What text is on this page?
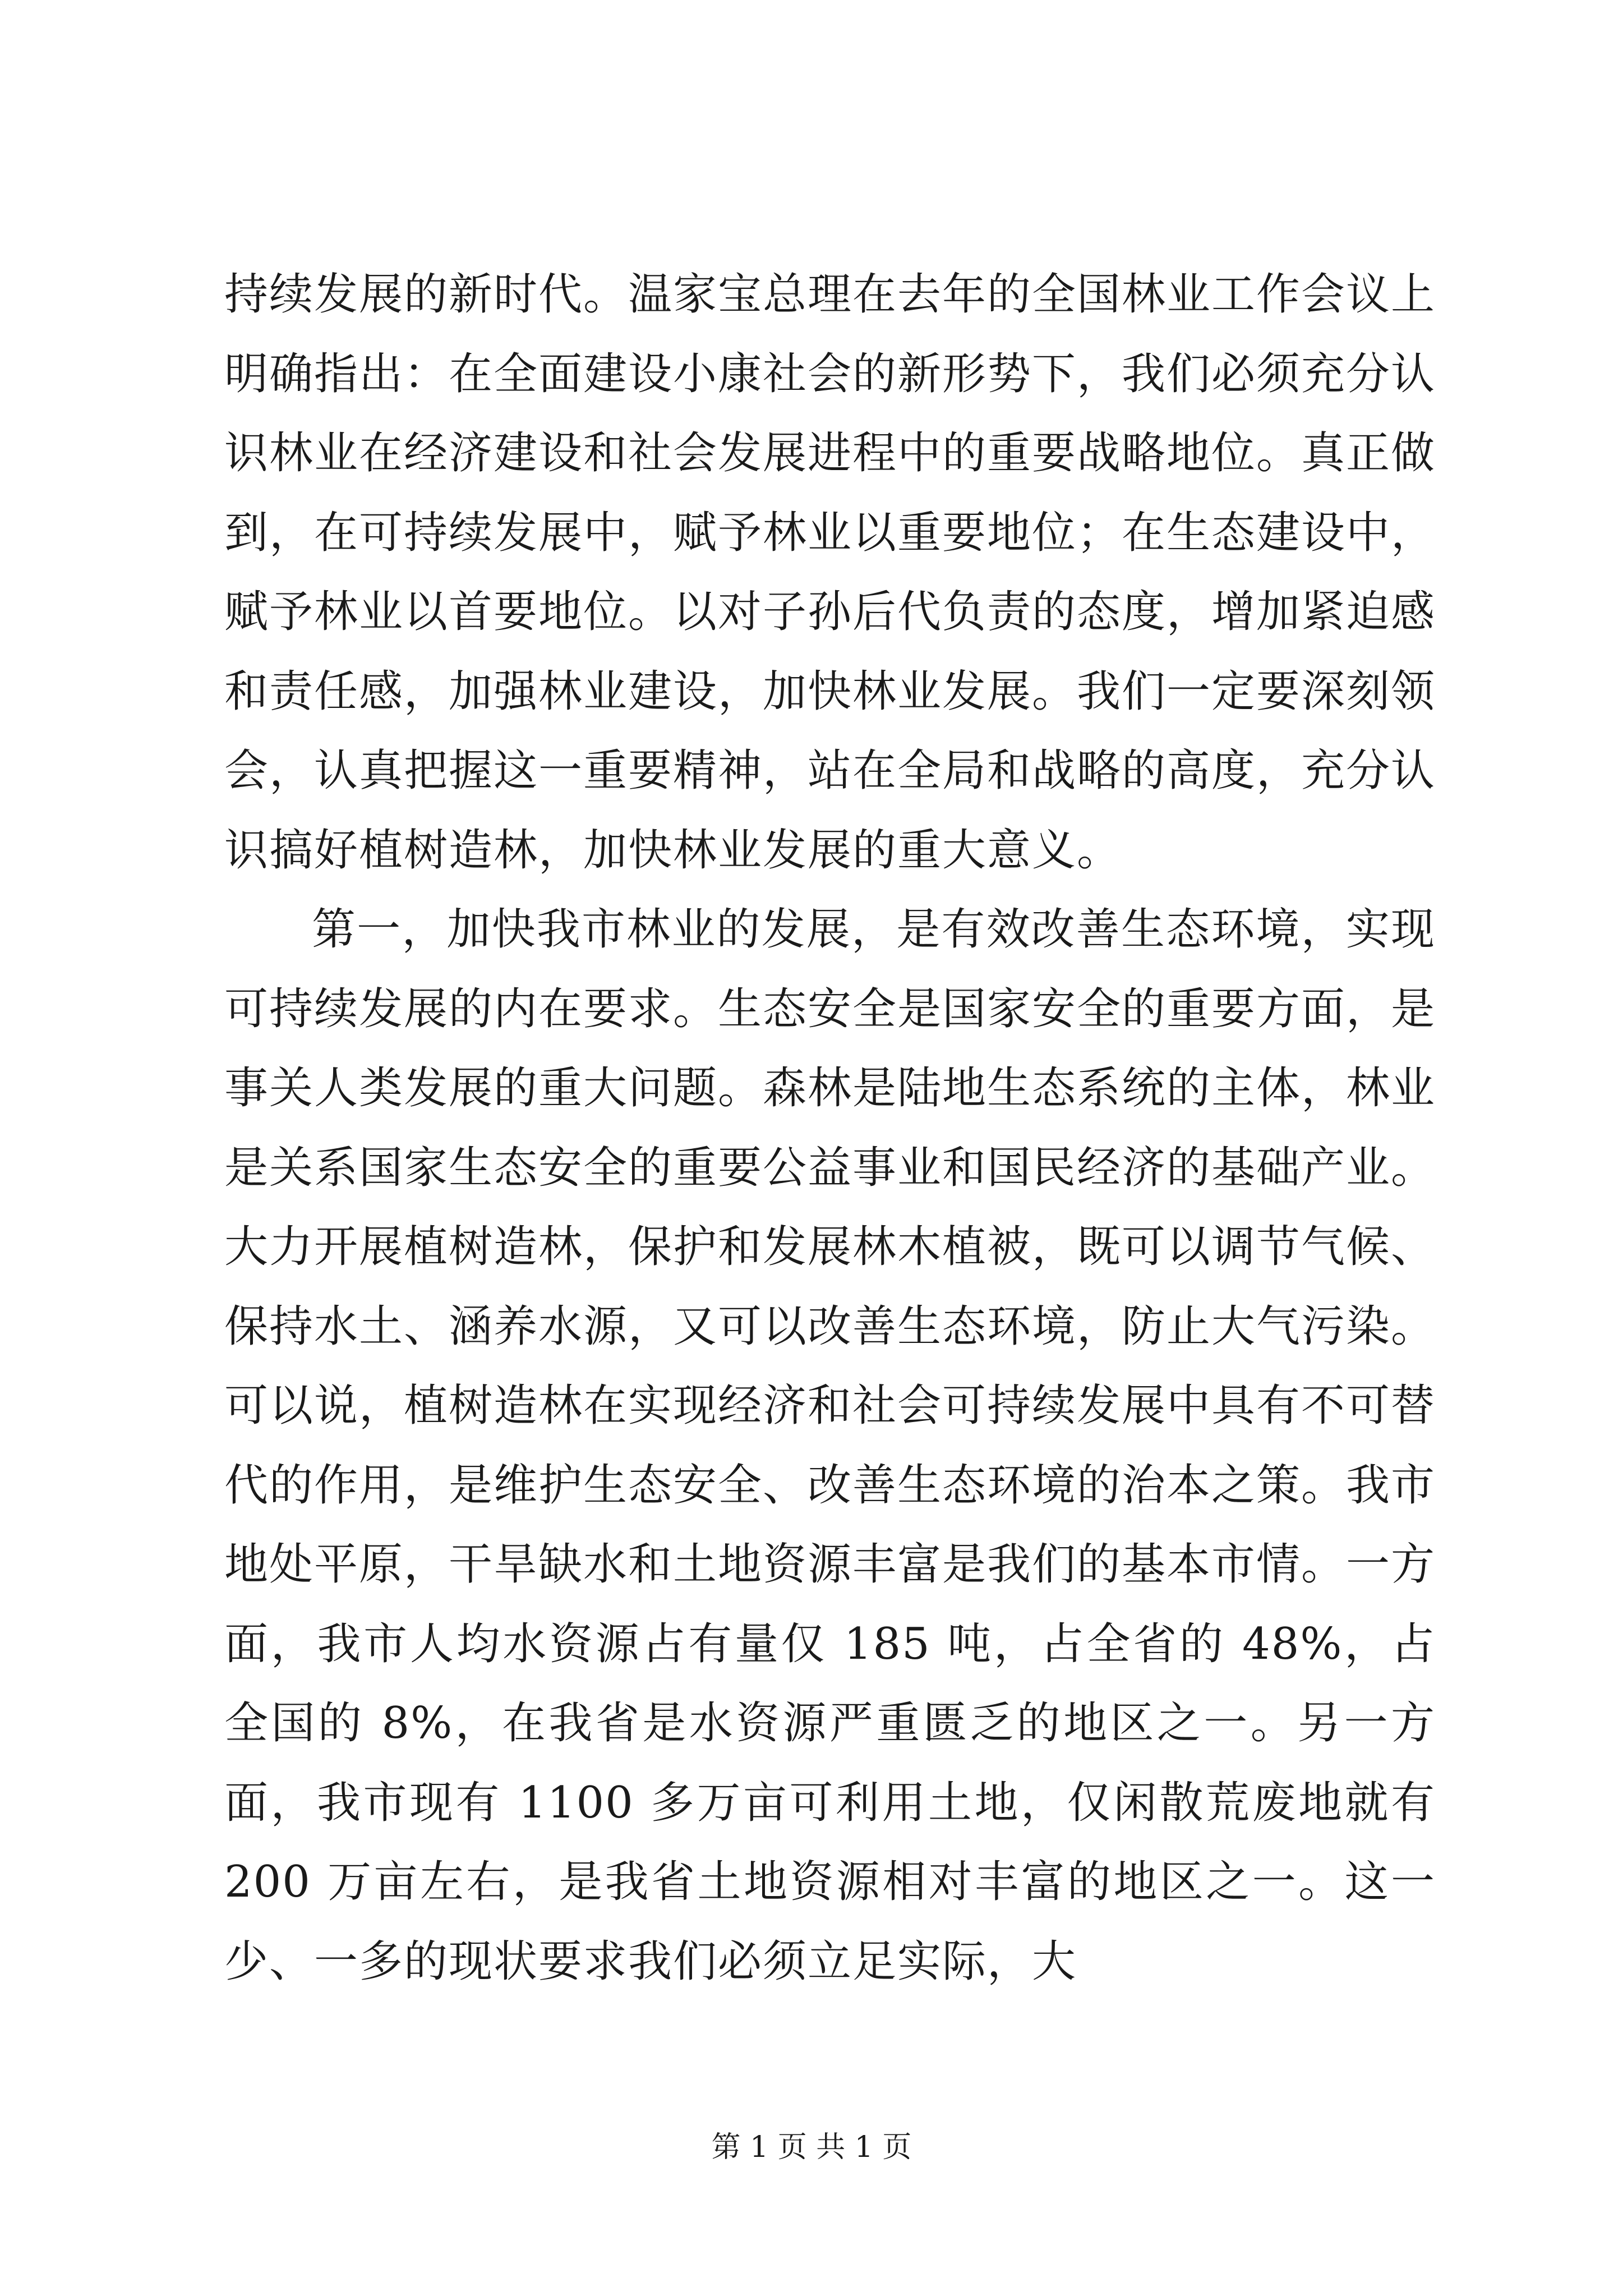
持续发展的新时代。温家宝总理在去年的全国林业工作会议上明确指出：在全面建设小康社会的新形势下，我们必须充分认识林业在经济建设和社会发展进程中的重要战略地位。真正做到，在可持续发展中，赋予林业以重要地位；在生态建设中，赋予林业以首要地位。以对子孙后代负责的态度，增加紧迫感和责任感，加强林业建设，加快林业发展。我们一定要深刻领会，认真把握这一重要精神，站在全局和战略的高度，充分认识搞好植树造林，加快林业发展的重大意义。

第一，加快我市林业的发展，是有效改善生态环境，实现可持续发展的内在要求。生态安全是国家安全的重要方面，是事关人类发展的重大问题。森林是陆地生态系统的主体，林业是关系国家生态安全的重要公益事业和国民经济的基础产业。大力开展植树造林，保护和发展林木植被，既可以调节气候、保持水土、涵养水源，又可以改善生态环境，防止大气污染。可以说，植树造林在实现经济和社会可持续发展中具有不可替代的作用，是维护生态安全、改善生态环境的治本之策。我市地处平原，干旱缺水和土地资源丰富是我们的基本市情。一方面，我市人均水资源占有量仅 185 吨，占全省的 48%，占全国的 8%，在我省是水资源严重匮乏的地区之一。另一方面，我市现有 1100 多万亩可利用土地，仅闲散荒废地就有 200 万亩左右，是我省土地资源相对丰富的地区之一。这一少、一多的现状要求我们必须立足实际，大

第 1 页 共 1 页
